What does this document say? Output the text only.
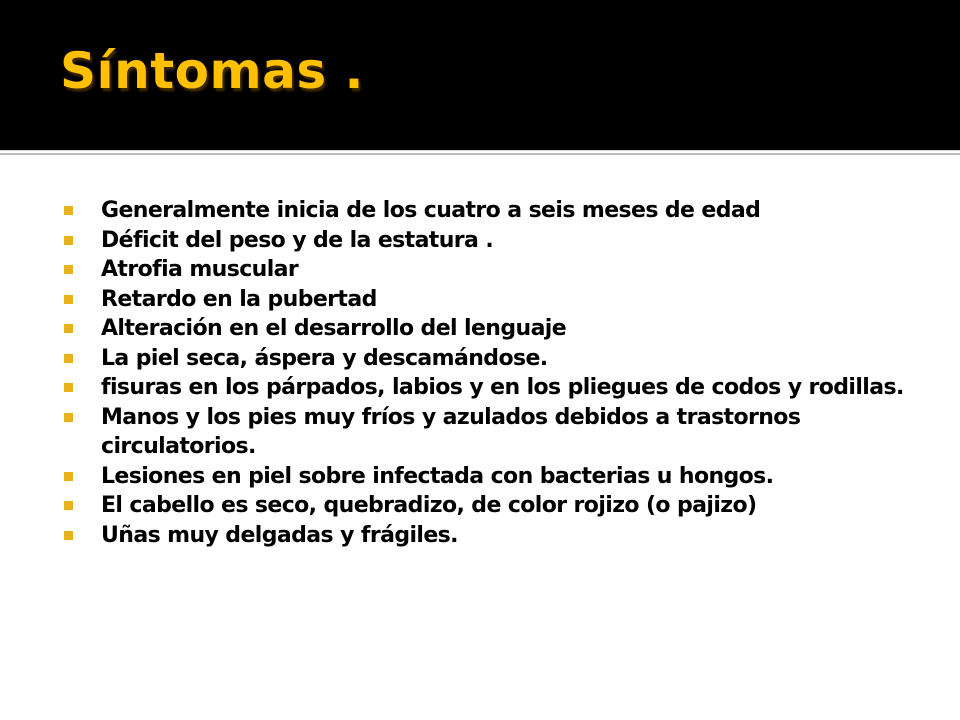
Síntomas .
Generalmente inicia de los cuatro a seis meses de edad
Déficit del peso y de la estatura .
Atrofia muscular
Retardo en la pubertad
Alteración en el desarrollo del lenguaje
La piel seca, áspera y descamándose.
fisuras en los párpados, labios y en los pliegues de codos y rodillas.
Manos y los pies muy fríos y azulados debidos a trastornos circulatorios.
Lesiones en piel sobre infectada con bacterias u hongos.
El cabello es seco, quebradizo, de color rojizo (o pajizo)
Uñas muy delgadas y frágiles.
